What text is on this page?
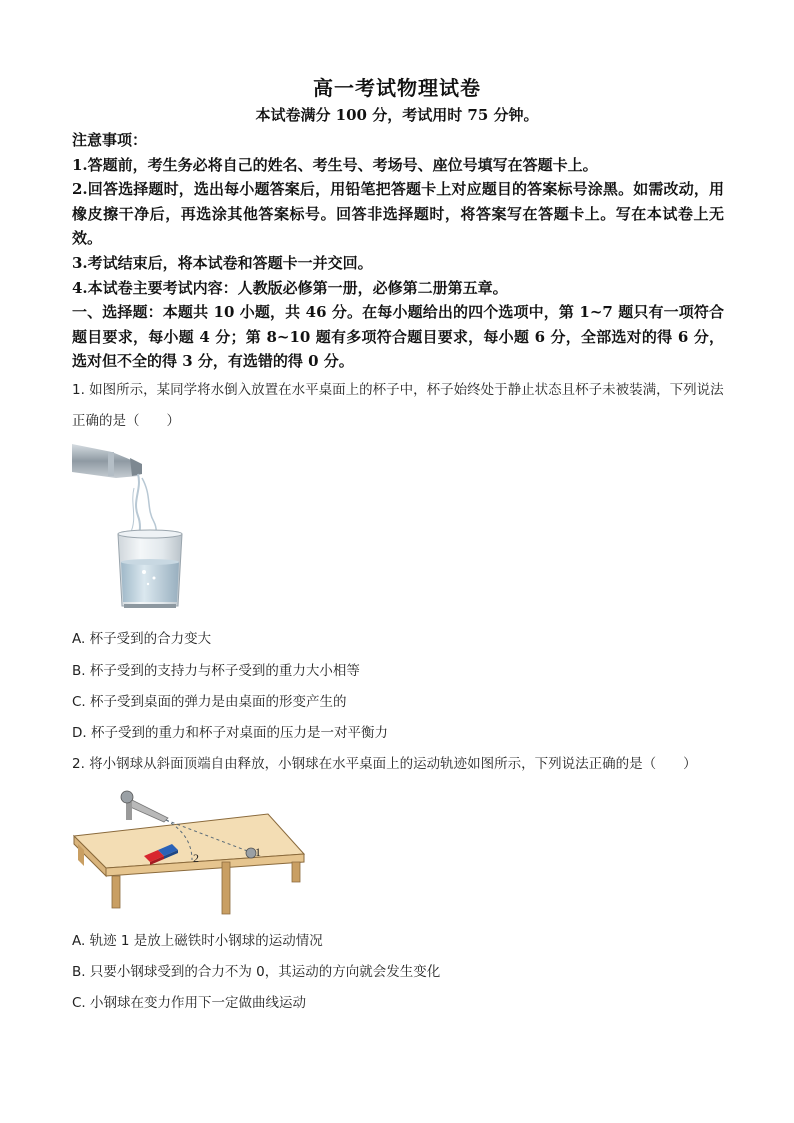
高一考试物理试卷
本试卷满分 100 分，考试用时 75 分钟。
注意事项：
1.答题前，考生务必将自己的姓名、考生号、考场号、座位号填写在答题卡上。
2.回答选择题时，选出每小题答案后，用铅笔把答题卡上对应题目的答案标号涂黑。如需改动，用橡皮擦干净后，再选涂其他答案标号。回答非选择题时，将答案写在答题卡上。写在本试卷上无效。
3.考试结束后，将本试卷和答题卡一并交回。
4.本试卷主要考试内容：人教版必修第一册，必修第二册第五章。
一、选择题：本题共 10 小题，共 46 分。在每小题给出的四个选项中，第 1~7 题只有一项符合题目要求，每小题 4 分；第 8~10 题有多项符合题目要求，每小题 6 分，全部选对的得 6 分，选对但不全的得 3 分，有选错的得 0 分。
1. 如图所示，某同学将水倒入放置在水平桌面上的杯子中，杯子始终处于静止状态且杯子未被装满，下列说法正确的是（　　）
A. 杯子受到的合力变大
B. 杯子受到的支持力与杯子受到的重力大小相等
C. 杯子受到桌面的弹力是由桌面的形变产生的
D. 杯子受到的重力和杯子对桌面的压力是一对平衡力
2. 将小钢球从斜面顶端自由释放，小钢球在水平桌面上的运动轨迹如图所示，下列说法正确的是（　　）
1
2
A. 轨迹 1 是放上磁铁时小钢球的运动情况
B. 只要小钢球受到的合力不为 0，其运动的方向就会发生变化
C. 小钢球在变力作用下一定做曲线运动
